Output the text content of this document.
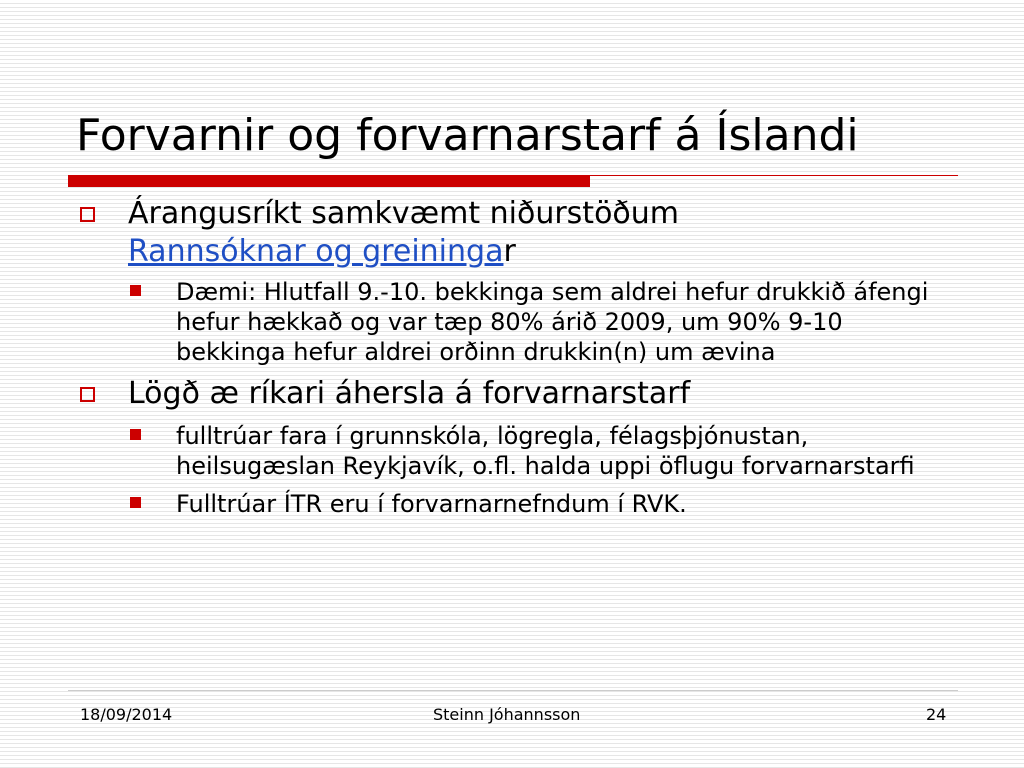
Forvarnir og forvarnarstarf á Íslandi
Árangusríkt samkvæmt niðurstöðum
Rannsóknar og greiningar
Dæmi: Hlutfall 9.-10. bekkinga sem aldrei hefur drukkið áfengi hefur hækkað og var tæp 80% árið 2009, um 90% 9-10 bekkinga hefur aldrei orðinn drukkin(n) um ævina
Lögð æ ríkari áhersla á forvarnarstarf
fulltrúar fara í grunnskóla, lögregla, félagsþjónustan, heilsugæslan Reykjavík, o.fl. halda uppi öflugu forvarnarstarfi
Fulltrúar ÍTR eru í forvarnarnefndum í RVK.
18/09/2014	Steinn Jóhannsson	24
